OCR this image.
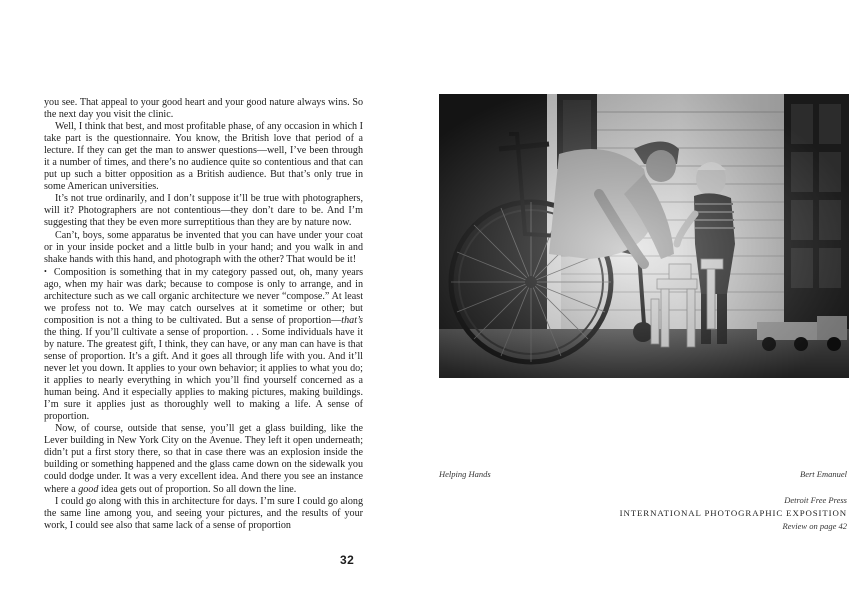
you see. That appeal to your good heart and your good nature always wins. So the next day you visit the clinic.

Well, I think that best, and most profitable phase, of any occasion in which I take part is the questionnaire. You know, the British love that period of a lecture. If they can get the man to answer questions—well, I’ve been through it a number of times, and there’s no audience quite so contentious and that can put up such a bitter opposition as a British audience. But that’s only true in some American universities.

It’s not true ordinarily, and I don’t suppose it’ll be true with photographers, will it? Photographers are not contentious—they don’t dare to be. And I’m suggesting that they be even more surreptitious than they are by nature now.

Can’t, boys, some apparatus be invented that you can have under your coat or in your inside pocket and a little bulb in your hand; and you walk in and shake hands with this hand, and photograph with the other? That would be it!

• Composition is something that in my category passed out, oh, many years ago, when my hair was dark; because to compose is only to arrange, and in architecture such as we call organic architecture we never “compose.” At least we profess not to. We may catch ourselves at it sometime or other; but composition is not a thing to be cultivated. But a sense of proportion—that’s the thing. If you’ll cultivate a sense of proportion. . . Some individuals have it by nature. The greatest gift, I think, they can have, or any man can have is that sense of proportion. It’s a gift. And it goes all through life with you. And it’ll never let you down. It applies to your own behavior; it applies to what you do; it applies to nearly everything in which you’ll find yourself concerned as a human being. And it especially applies to making pictures, making buildings. I’m sure it applies just as thoroughly well to making a life. A sense of proportion.

Now, of course, outside that sense, you’ll get a glass building, like the Lever building in New York City on the Avenue. They left it open underneath; didn’t put a first story there, so that in case there was an explosion inside the building or something happened and the glass came down on the sidewalk you could dodge under. It was a very excellent idea. And there you see an instance where a good idea gets out of proportion. So all down the line.

I could go along with this in architecture for days. I’m sure I could go along the same line among you, and seeing your pictures, and the results of your work, I could see also that same lack of a sense of proportion

32
Helping Hands	Bert Emanuel
Detroit Free Press
INTERNATIONAL PHOTOGRAPHIC EXPOSITION
Review on page 42
